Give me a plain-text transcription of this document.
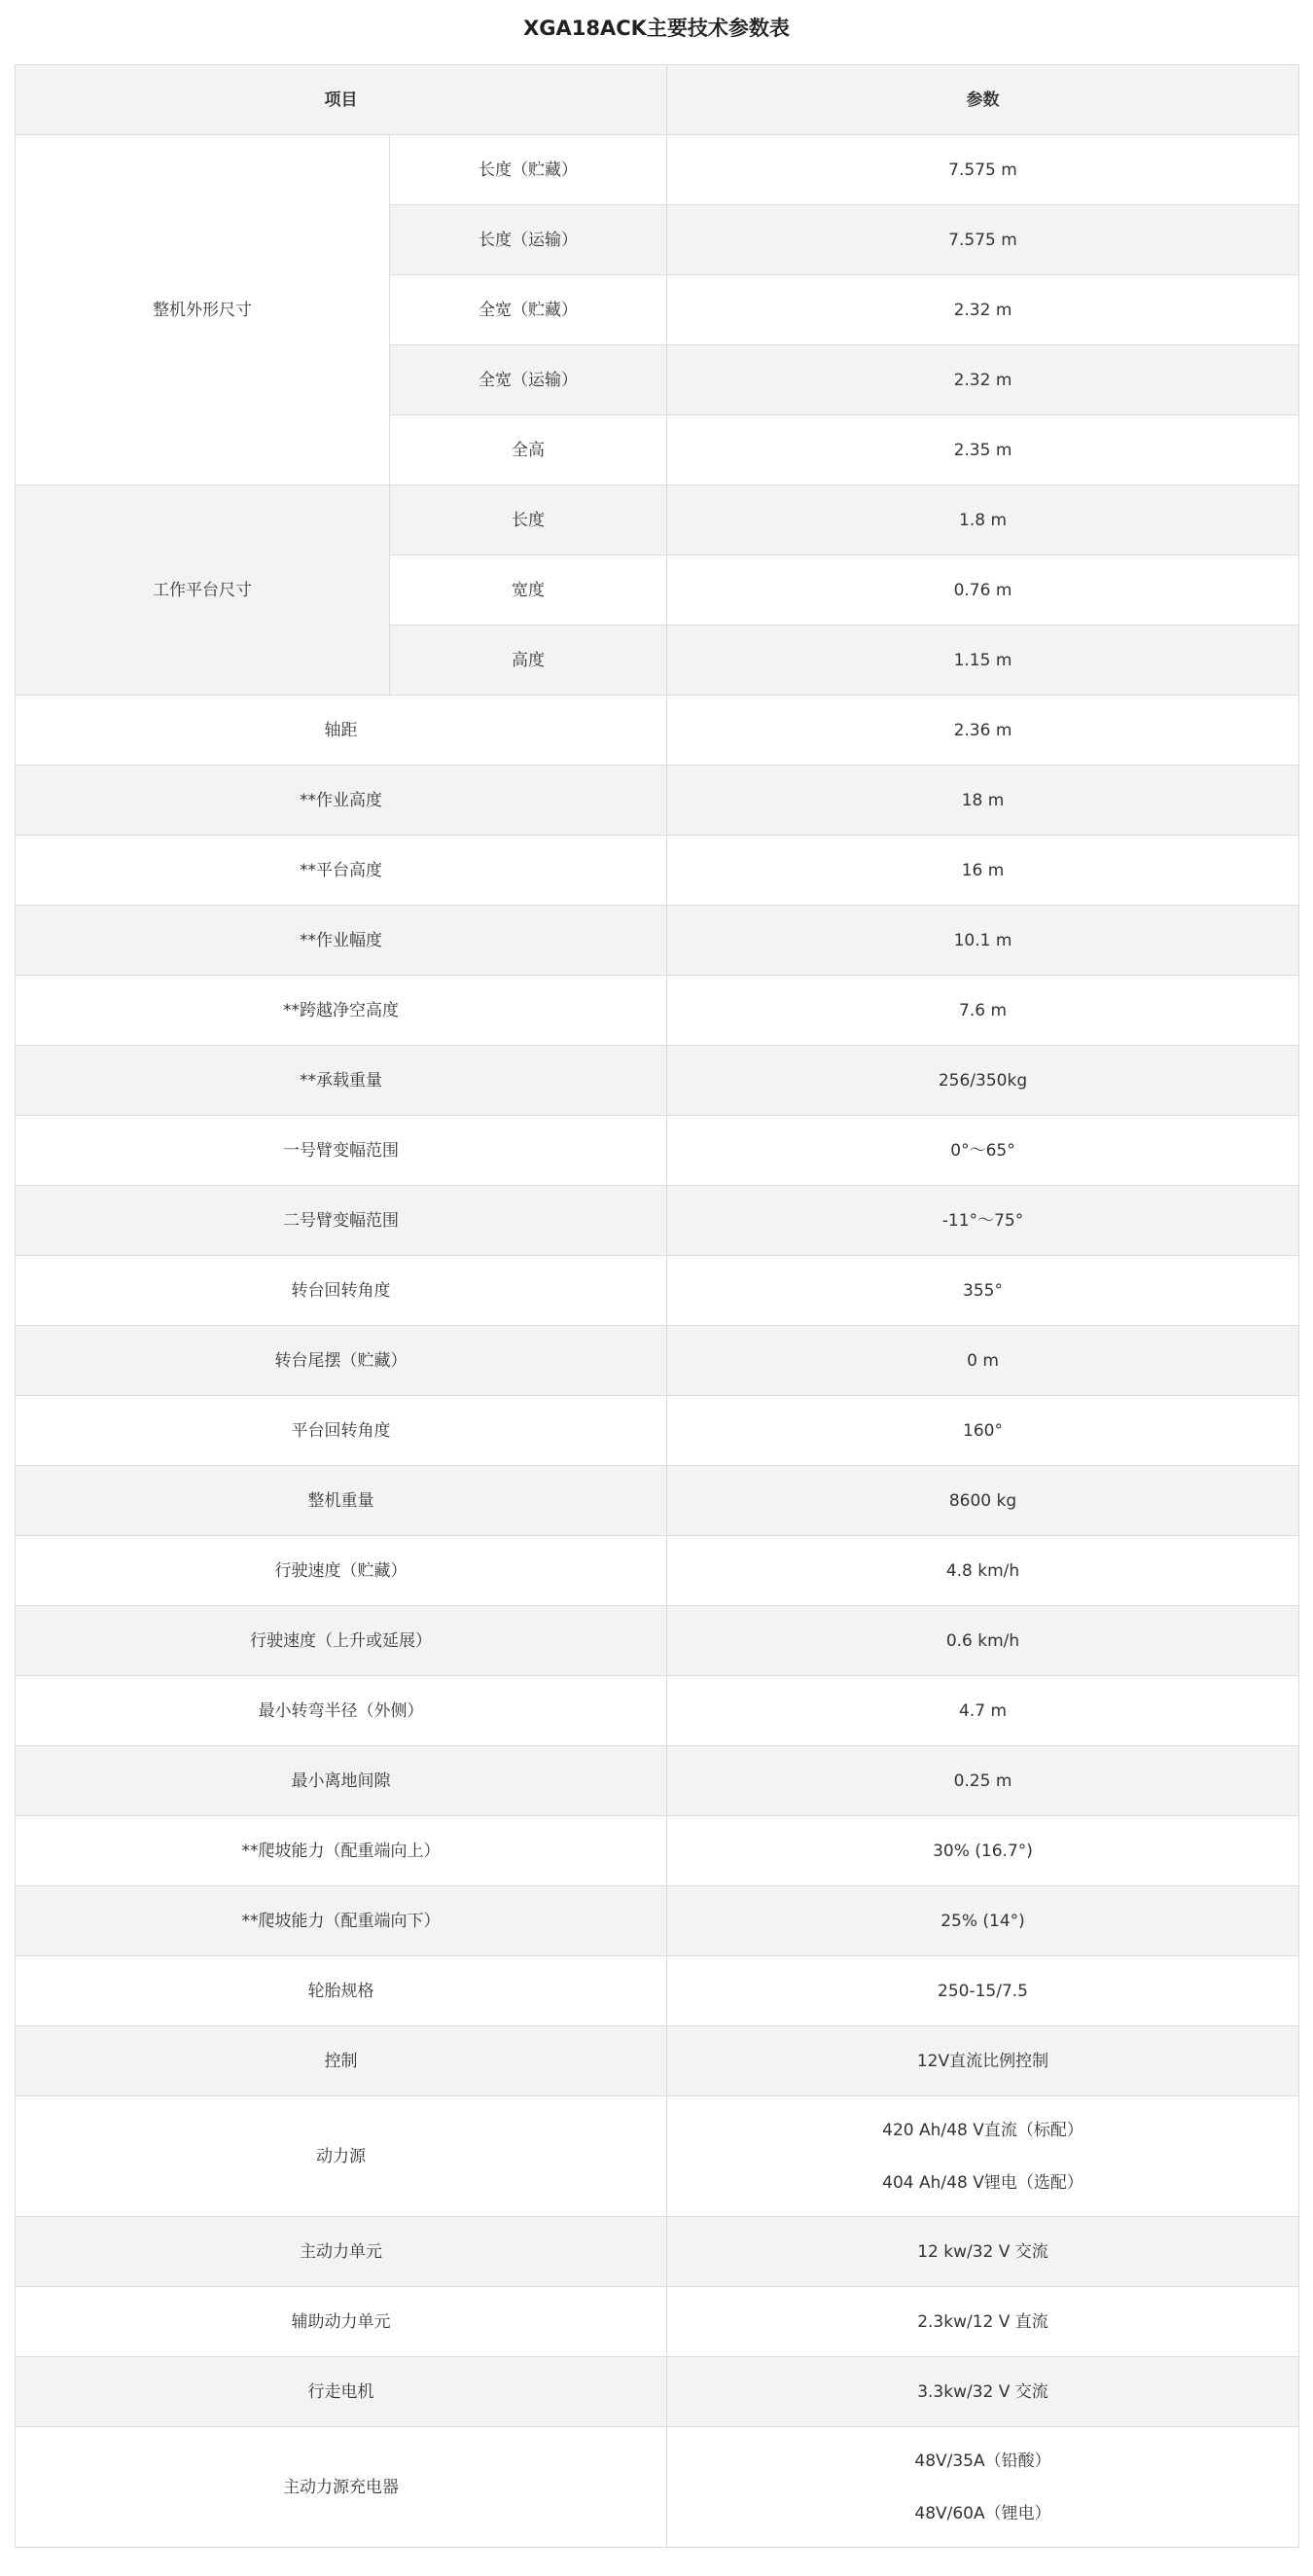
XGA18ACK主要技术参数表
项目		参数
整机外形尺寸	长度（贮藏）	7.575 m
	长度（运输）	7.575 m
	全宽（贮藏）	2.32 m
	全宽（运输）	2.32 m
	全高	2.35 m
工作平台尺寸	长度	1.8 m
	宽度	0.76 m
	高度	1.15 m
轴距		2.36 m
**作业高度		18 m
**平台高度		16 m
**作业幅度		10.1 m
**跨越净空高度		7.6 m
**承载重量		256/350kg
一号臂变幅范围		0°～65°
二号臂变幅范围		-11°～75°
转台回转角度		355°
转台尾摆（贮藏）		0 m
平台回转角度		160°
整机重量		8600 kg
行驶速度（贮藏）		4.8 km/h
行驶速度（上升或延展）		0.6 km/h
最小转弯半径（外侧）		4.7 m
最小离地间隙		0.25 m
**爬坡能力（配重端向上）		30% (16.7°)
**爬坡能力（配重端向下）		25% (14°)
轮胎规格		250-15/7.5
控制		12V直流比例控制
动力源		420 Ah/48 V直流（标配）
404 Ah/48 V锂电（选配）

主动力单元		12 kw/32 V 交流
辅助动力单元		2.3kw/12 V 直流
行走电机		3.3kw/32 V 交流
主动力源充电器		48V/35A（铅酸）
48V/60A（锂电）
